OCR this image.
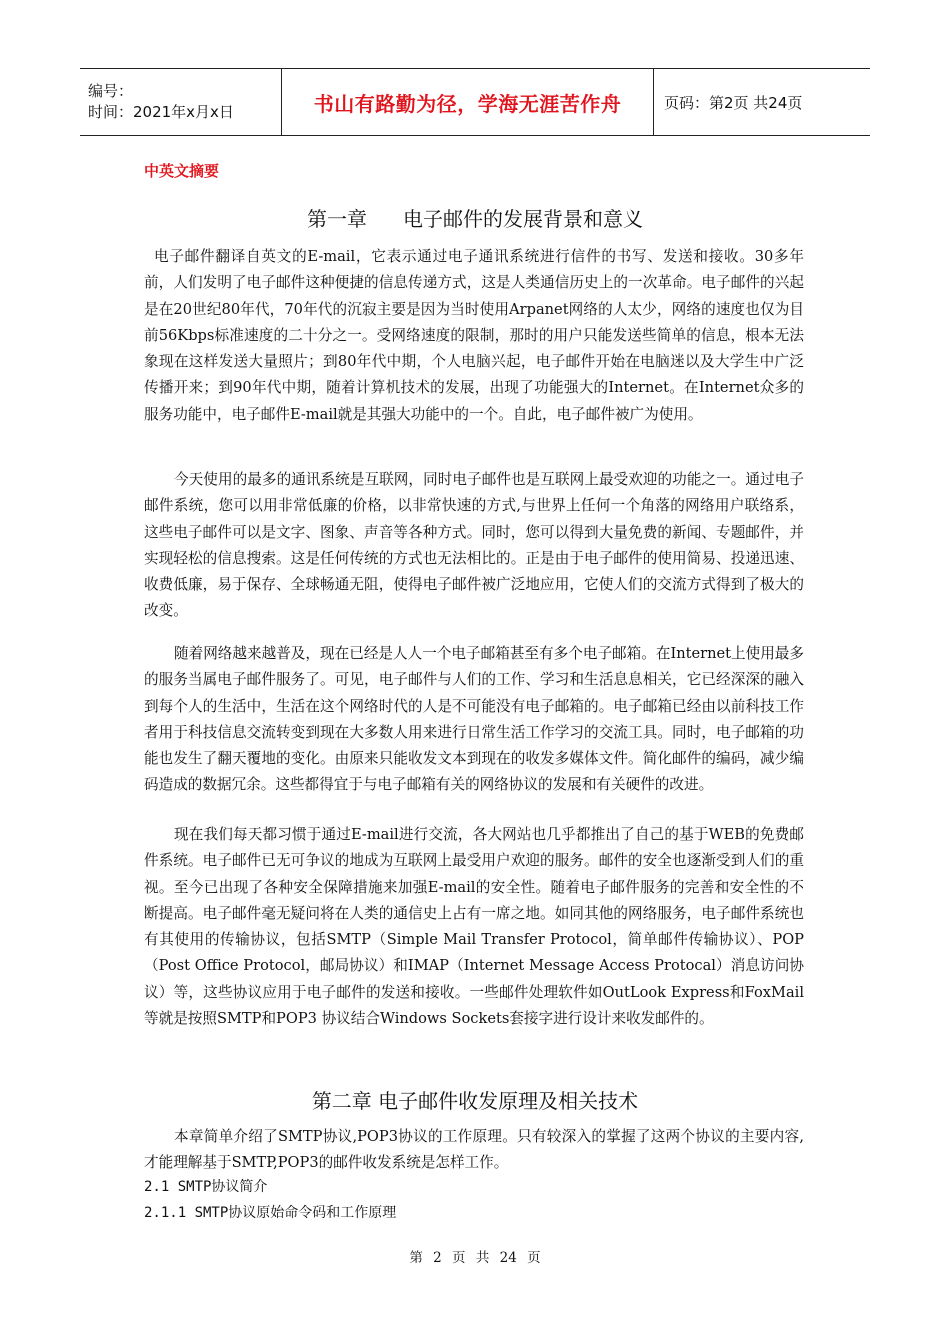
编号：
时间：2021年x月x日	书山有路勤为径，学海无涯苦作舟	页码：第2页 共24页
中英文摘要
第一章 电子邮件的发展背景和意义

电子邮件翻译自英文的E-mail，它表示通过电子通讯系统进行信件的书写、发送和接收。30多年前，人们发明了电子邮件这种便捷的信息传递方式，这是人类通信历史上的一次革命。电子邮件的兴起是在20世纪80年代，70年代的沉寂主要是因为当时使用Arpanet网络的人太少，网络的速度也仅为目前56Kbps标准速度的二十分之一。受网络速度的限制，那时的用户只能发送些简单的信息，根本无法象现在这样发送大量照片；到80年代中期，个人电脑兴起，电子邮件开始在电脑迷以及大学生中广泛传播开来；到90年代中期，随着计算机技术的发展，出现了功能强大的Internet。在Internet众多的服务功能中，电子邮件E-mail就是其强大功能中的一个。自此，电子邮件被广为使用。

今天使用的最多的通讯系统是互联网，同时电子邮件也是互联网上最受欢迎的功能之一。通过电子邮件系统，您可以用非常低廉的价格，以非常快速的方式,与世界上任何一个角落的网络用户联络系，这些电子邮件可以是文字、图象、声音等各种方式。同时，您可以得到大量免费的新闻、专题邮件，并实现轻松的信息搜索。这是任何传统的方式也无法相比的。正是由于电子邮件的使用简易、投递迅速、收费低廉，易于保存、全球畅通无阻，使得电子邮件被广泛地应用，它使人们的交流方式得到了极大的改变。

随着网络越来越普及，现在已经是人人一个电子邮箱甚至有多个电子邮箱。在Internet上使用最多的服务当属电子邮件服务了。可见，电子邮件与人们的工作、学习和生活息息相关，它已经深深的融入到每个人的生活中，生活在这个网络时代的人是不可能没有电子邮箱的。电子邮箱已经由以前科技工作者用于科技信息交流转变到现在大多数人用来进行日常生活工作学习的交流工具。同时，电子邮箱的功能也发生了翻天覆地的变化。由原来只能收发文本到现在的收发多媒体文件。简化邮件的编码，减少编码造成的数据冗余。这些都得宜于与电子邮箱有关的网络协议的发展和有关硬件的改进。

现在我们每天都习惯于通过E-mail进行交流，各大网站也几乎都推出了自己的基于WEB的免费邮件系统。电子邮件已无可争议的地成为互联网上最受用户欢迎的服务。邮件的安全也逐渐受到人们的重视。至今已出现了各种安全保障措施来加强E-mail的安全性。随着电子邮件服务的完善和安全性的不断提高。电子邮件毫无疑问将在人类的通信史上占有一席之地。如同其他的网络服务，电子邮件系统也有其使用的传输协议，包括SMTP（Simple Mail Transfer Protocol，简单邮件传输协议）、POP（Post Office Protocol，邮局协议）和IMAP（Internet Message Access Protocal）消息访问协议）等，这些协议应用于电子邮件的发送和接收。一些邮件处理软件如OutLook Express和FoxMail等就是按照SMTP和POP3 协议结合Windows Sockets套接字进行设计来收发邮件的。

第二章 电子邮件收发原理及相关技术

本章简单介绍了SMTP协议,POP3协议的工作原理。只有较深入的掌握了这两个协议的主要内容,才能理解基于SMTP,POP3的邮件收发系统是怎样工作。

2.1 SMTP协议简介
2.1.1 SMTP协议原始命令码和工作原理
第 2 页 共 24 页
